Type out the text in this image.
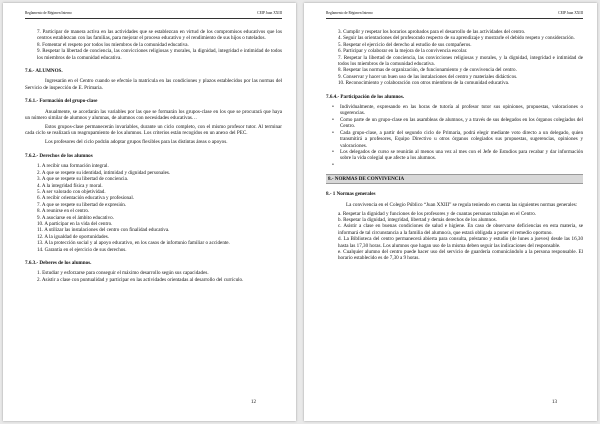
Reglamento de Régimen Interno	CEIP Juan XXIII
7. Participar de manera activa en las actividades que se establezcan en virtud de los compromisos educativos que los centros establezcan con las familias, para mejorar el proceso educativo y el rendimiento de sus hijos o tutelados.
8. Fomentar el respeto por todos los miembros de la comunidad educativa.
9. Respetar la libertad de conciencia, las convicciones religiosas y morales, la dignidad, integridad e intimidad de todos los miembros de la comunidad educativa.
7.6.- ALUMNOS.

Ingresarán en el Centro cuando se efectúe la matrícula en las condiciones y plazos establecidos por las normas del Servicio de inspección de E. Primaria.

7.6.1.- Formación del grupo-clase

Anualmente, se acordarán las variables por las que se formarán los grupos-clase en los que se procurará que haya un número similar de alumnos y alumnas, de alumnos con necesidades educativas…

Estos grupos-clase permanecerán invariables, durante un ciclo completo, con el mismo profesor tutor. Al terminar cada ciclo se realizará un reagrupamiento de los alumnos. Los criterios están recogidos en un anexo del PEC.

Los profesores del ciclo podrán adoptar grupos flexibles para las distintas áreas o apoyos.

7.6.2.- Derechos de los alumnos
1. A recibir una formación integral.
2. A que se respete su identidad, intimidad y dignidad personales.
3. A que se respete su libertad de conciencia.
4. A la integridad física y moral.
5. A ser valorado con objetividad.
6. A recibir orientación educativa y profesional.
7. A que se respete su libertad de expresión.
8. A reunirse en el centro.
9. A asociarse en el ámbito educativo.
10. A participar en la vida del centro.
11. A utilizar las instalaciones del centro con finalidad educativa.
12. A la igualdad de oportunidades.
13. A la protección social y al apoyo educativo, en los casos de infortunio familiar o accidente.
14. Garantía en el ejercicio de sus derechos.
7.6.3.- Deberes de los alumnos.
1. Estudiar y esforzarse para conseguir el máximo desarrollo según sus capacidades.
2. Asistir a clase con puntualidad y participar en las actividades orientadas al desarrollo del currículo.
12
Reglamento de Régimen Interno	CEIP Juan XXIII
3. Cumplir y respetar los horarios aprobados para el desarrollo de las actividades del centro.
4. Seguir las orientaciones del profesorado respecto de su aprendizaje y mostrarle el debido respeto y consideración.
5. Respetar el ejercicio del derecho al estudio de sus compañeros.
6. Participar y colaborar en la mejora de la convivencia escolar.
7. Respetar la libertad de conciencia, las convicciones religiosas y morales, y la dignidad, integridad e intimidad de todos los miembros de la comunidad educativa.
8. Respetar las normas de organización, de funcionamiento y de convivencia del centro.
9. Conservar y hacer un buen uso de las instalaciones del centro y materiales didácticos.
10. Reconocimiento y colaboración con otros miembros de la comunidad educativa.
7.6.4.- Participación de los alumnos.
• Individualmente, expresando en las horas de tutoría al profesor tutor sus opiniones, propuestas, valoraciones o sugerencias.
• Como parte de un grupo-clase en las asambleas de alumnos, y a través de sus delegados en los órganos colegiados del Centro.
• Cada grupo-clase, a partir del segundo ciclo de Primaria, podrá elegir mediante voto directo a un delegado, quien transmitirá a profesores, Equipo Directivo u otros órganos colegiados sus propuestas, sugerencias, opiniones y valoraciones.
• Los delegados de curso se reunirán al menos una vez al mes con el Jefe de Estudios para recabar y dar información sobre la vida colegial que afecte a los alumnos.
•
8.- NORMAS DE CONVIVENCIA
8.- 1 Normas generales

La convivencia en el Colegio Público “Juan XXIII” se regula teniendo en cuenta las siguientes normas generales:

a. Respetar la dignidad y funciones de los profesores y de cuantas personas trabajan en el Centro.
b. Respetar la dignidad, integridad, libertad y demás derechos de los alumnos.
c. Asistir a clase en buenas condiciones de salud e higiene. En caso de observarse deficiencias en esta materia, se informará de tal circunstancia a la familia del alumno/a, que estará obligada a poner el remedio oportuno.
d. La Biblioteca del centro permanecerá abierta para consulta, préstamo y estudio (de lunes a jueves) desde las 16,30 hasta las 17,30 horas. Los alumnos que hagan uso de la misma deben seguir las indicaciones del responsable.
e. Cualquier alumno del centro puede hacer uso del servicio de guardería comunicándolo a la persona responsable. El horario establecido es de 7,30 a 9 horas.
13
